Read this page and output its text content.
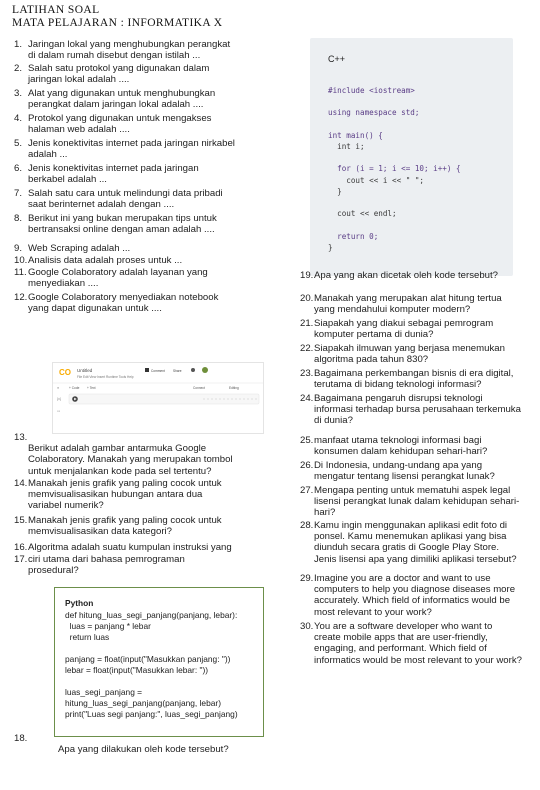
LATIHAN SOAL
MATA PELAJARAN : INFORMATIKA X
1. Jaringan lokal yang menghubungkan perangkat
di dalam rumah disebut dengan istilah ...
2. Salah satu protokol yang digunakan dalam
jaringan lokal adalah ....
3. Alat yang digunakan untuk menghubungkan
perangkat dalam jaringan lokal adalah ....
4. Protokol yang digunakan untuk mengakses
halaman web adalah ....
5. Jenis konektivitas internet pada jaringan nirkabel
adalah ...
6. Jenis konektivitas internet pada jaringan
berkabel adalah ...
7. Salah satu cara untuk melindungi data pribadi
saat berinternet adalah dengan ....
8. Berikut ini yang bukan merupakan tips untuk
bertransaksi online dengan aman adalah ....
9. Web Scraping adalah ...
10.Analisis data adalah proses untuk ...
11.Google Colaboratory adalah layanan yang
menyediakan ....
12.Google Colaboratory menyediakan notebook
yang dapat digunakan untuk ....
CO Untitled
File Edit View Insert Runtime Tools Help
Comment	Share
≡	+ Code + Text	Connect	Editing
{x}
▭
13.
Berikut adalah gambar antarmuka Google
Colaboratory. Manakah yang merupakan tombol
untuk menjalankan kode pada sel tertentu?
14.Manakah jenis grafik yang paling cocok untuk
memvisualisasikan hubungan antara dua
variabel numerik?
15.Manakah jenis grafik yang paling cocok untuk
memvisualisasikan data kategori?
16.Algoritma adalah suatu kumpulan instruksi yang
17.ciri utama dari bahasa pemrograman
prosedural?
Python
def hitung_luas_segi_panjang(panjang, lebar):
luas = panjang * lebar
return luas
panjang = float(input("Masukkan panjang: "))
lebar = float(input("Masukkan lebar: "))
luas_segi_panjang =
hitung_luas_segi_panjang(panjang, lebar)
print("Luas segi panjang:", luas_segi_panjang)
18.
Apa yang dilakukan oleh kode tersebut?
C++
#include <iostream>
using namespace std;
int main() {
int i;
for (i = 1; i <= 10; i++) {
cout << i << " ";
}
cout << endl;
return 0;
}
19.Apa yang akan dicetak oleh kode tersebut?
20.Manakah yang merupakan alat hitung tertua
yang mendahului komputer modern?
21.Siapakah yang diakui sebagai pemrogram
komputer pertama di dunia?
22.Siapakah ilmuwan yang berjasa menemukan
algoritma pada tahun 830?
23.Bagaimana perkembangan bisnis di era digital,
terutama di bidang teknologi informasi?
24.Bagaimana pengaruh disrupsi teknologi
informasi terhadap bursa perusahaan terkemuka
di dunia?
25.manfaat utama teknologi informasi bagi
konsumen dalam kehidupan sehari-hari?
26.Di Indonesia, undang-undang apa yang
mengatur tentang lisensi perangkat lunak?
27.Mengapa penting untuk mematuhi aspek legal
lisensi perangkat lunak dalam kehidupan sehari-
hari?
28.Kamu ingin menggunakan aplikasi edit foto di
ponsel. Kamu menemukan aplikasi yang bisa
diunduh secara gratis di Google Play Store.
Jenis lisensi apa yang dimiliki aplikasi tersebut?
29.Imagine you are a doctor and want to use
computers to help you diagnose diseases more
accurately. Which field of informatics would be
most relevant to your work?
30.You are a software developer who want to
create mobile apps that are user-friendly,
engaging, and performant. Which field of
informatics would be most relevant to your work?
